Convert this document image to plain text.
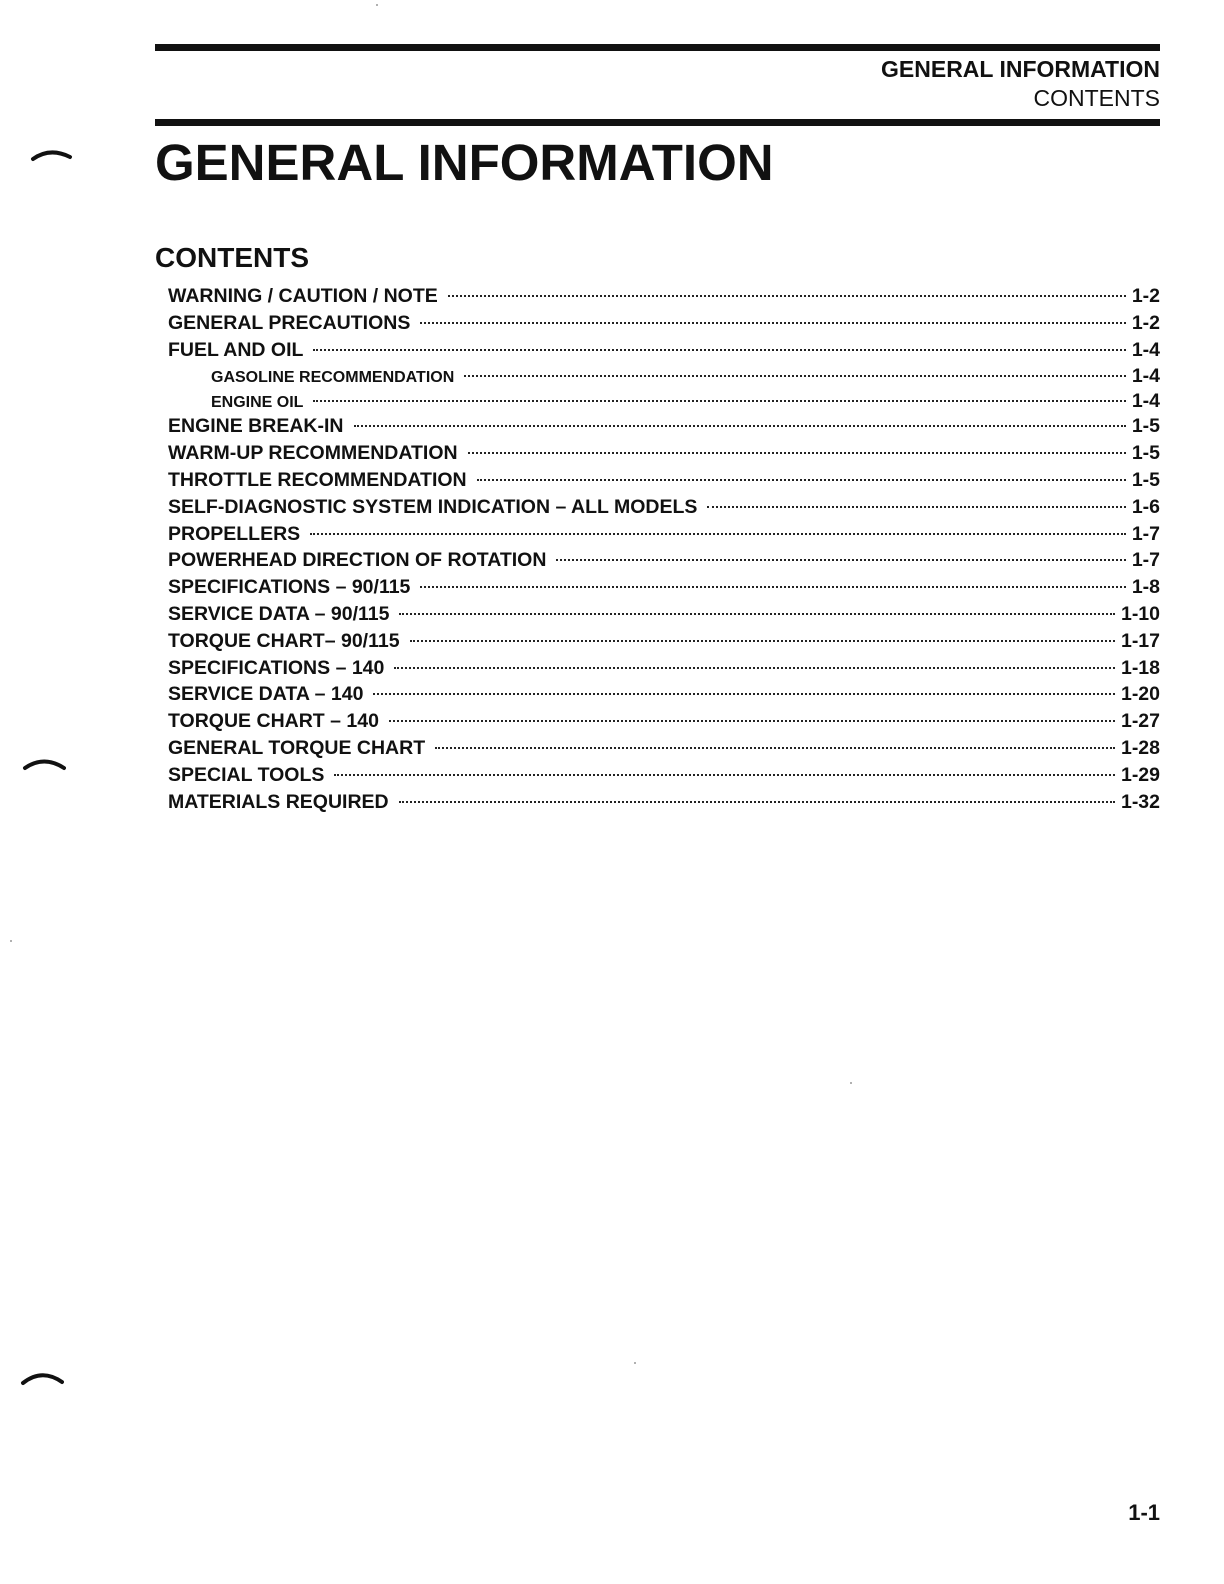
GENERAL INFORMATION
CONTENTS
GENERAL INFORMATION
CONTENTS
WARNING / CAUTION / NOTE	1-2
GENERAL PRECAUTIONS	1-2
FUEL AND OIL	1-4
GASOLINE RECOMMENDATION	1-4
ENGINE OIL	1-4
ENGINE BREAK-IN	1-5
WARM-UP RECOMMENDATION	1-5
THROTTLE RECOMMENDATION	1-5
SELF-DIAGNOSTIC SYSTEM INDICATION – ALL MODELS	1-6
PROPELLERS	1-7
POWERHEAD DIRECTION OF ROTATION	1-7
SPECIFICATIONS – 90/115	1-8
SERVICE DATA – 90/115	1-10
TORQUE CHART– 90/115	1-17
SPECIFICATIONS – 140	1-18
SERVICE DATA – 140	1-20
TORQUE CHART – 140	1-27
GENERAL TORQUE CHART	1-28
SPECIAL TOOLS	1-29
MATERIALS REQUIRED	1-32
1-1
